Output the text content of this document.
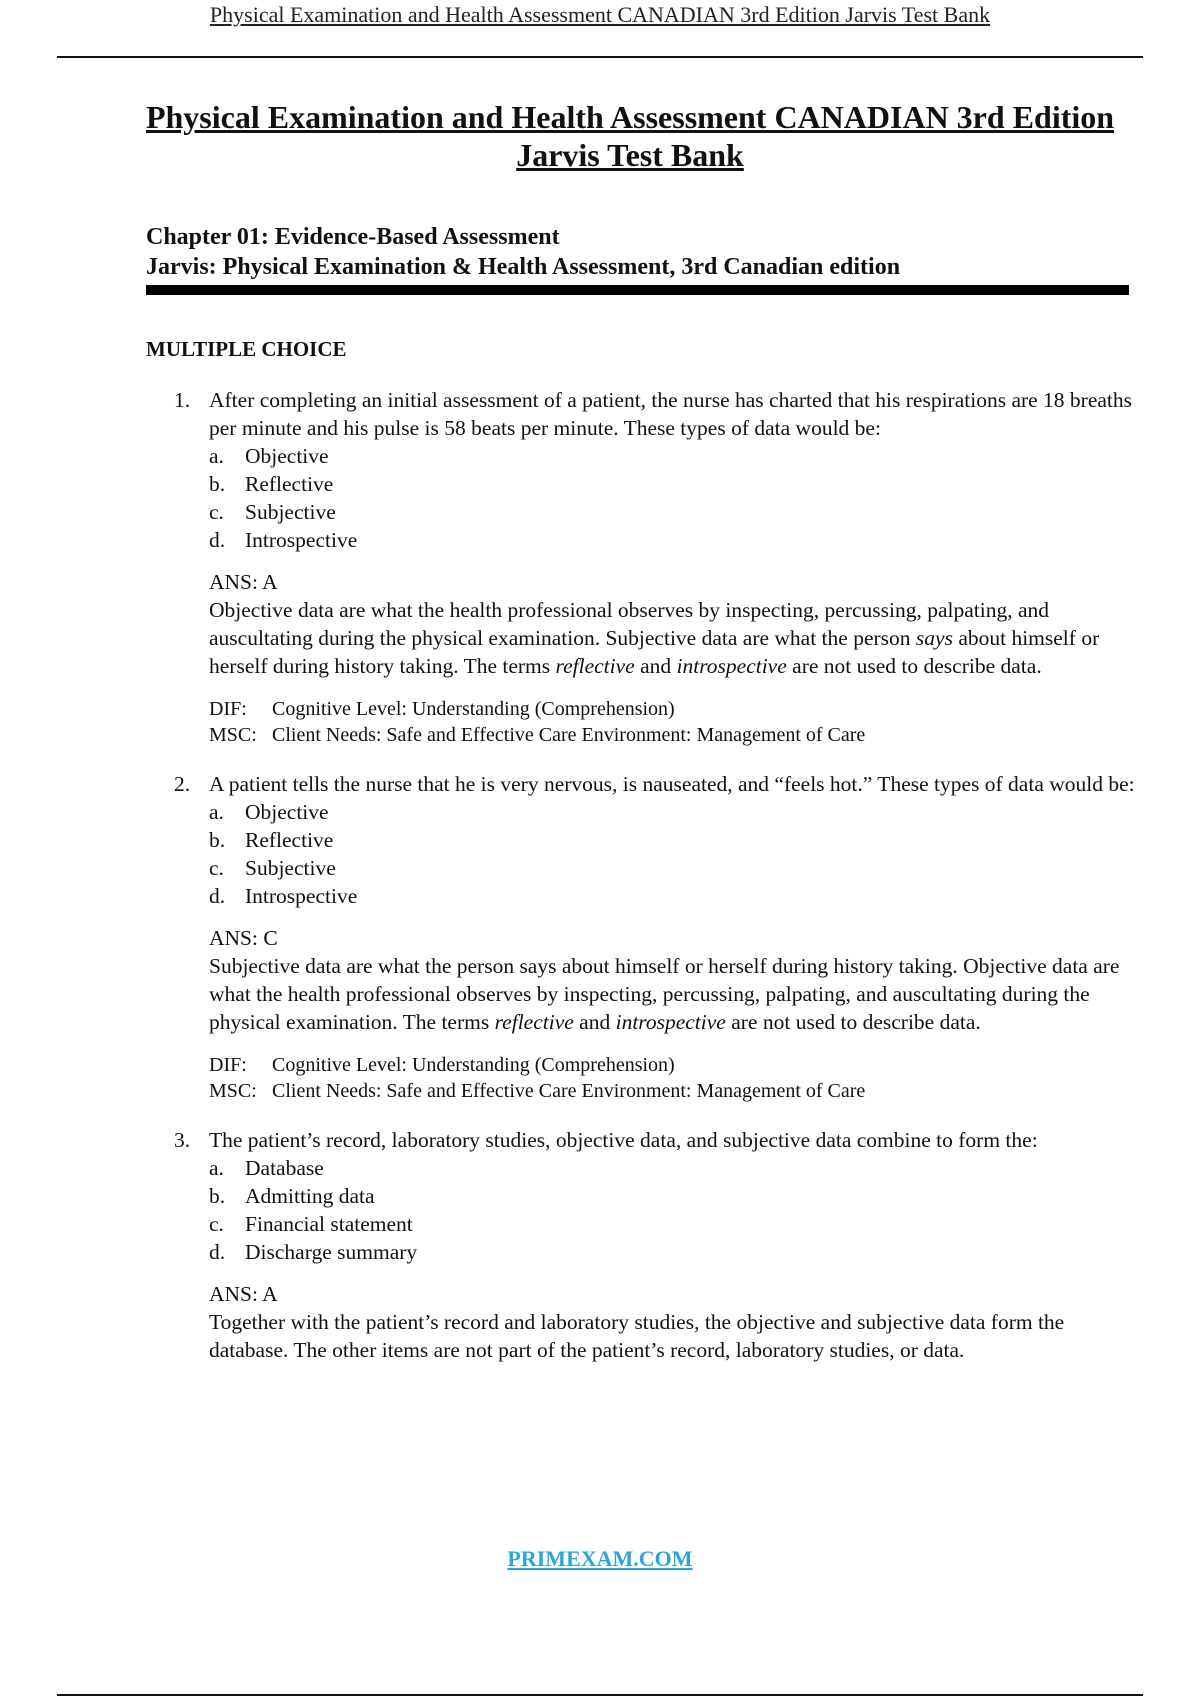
Physical Examination and Health Assessment CANADIAN 3rd Edition Jarvis Test Bank
Physical Examination and Health Assessment CANADIAN 3rd Edition
Jarvis Test Bank
Chapter 01: Evidence-Based Assessment
Jarvis: Physical Examination & Health Assessment, 3rd Canadian edition
MULTIPLE CHOICE
1. After completing an initial assessment of a patient, the nurse has charted that his respirations are 18 breaths per minute and his pulse is 58 beats per minute. These types of data would be:

a. Objective
b. Reflective
c. Subjective
d. Introspective
ANS: A

Objective data are what the health professional observes by inspecting, percussing, palpating, and auscultating during the physical examination. Subjective data are what the person says about himself or herself during history taking. The terms reflective and introspective are not used to describe data.

DIF:	Cognitive Level: Understanding (Comprehension)
MSC: Client Needs: Safe and Effective Care Environment: Management of Care
2. A patient tells the nurse that he is very nervous, is nauseated, and “feels hot.” These types of data would be:

a. Objective
b. Reflective
c. Subjective
d. Introspective
ANS: C

Subjective data are what the person says about himself or herself during history taking. Objective data are what the health professional observes by inspecting, percussing, palpating, and auscultating during the physical examination. The terms reflective and introspective are not used to describe data.

DIF:	Cognitive Level: Understanding (Comprehension)
MSC: Client Needs: Safe and Effective Care Environment: Management of Care
3. The patient’s record, laboratory studies, objective data, and subjective data combine to form the:

a. Database
b. Admitting data
c. Financial statement
d. Discharge summary
ANS: A

Together with the patient’s record and laboratory studies, the objective and subjective data form the database. The other items are not part of the patient’s record, laboratory studies, or data.

PRIMEXAM.COM
